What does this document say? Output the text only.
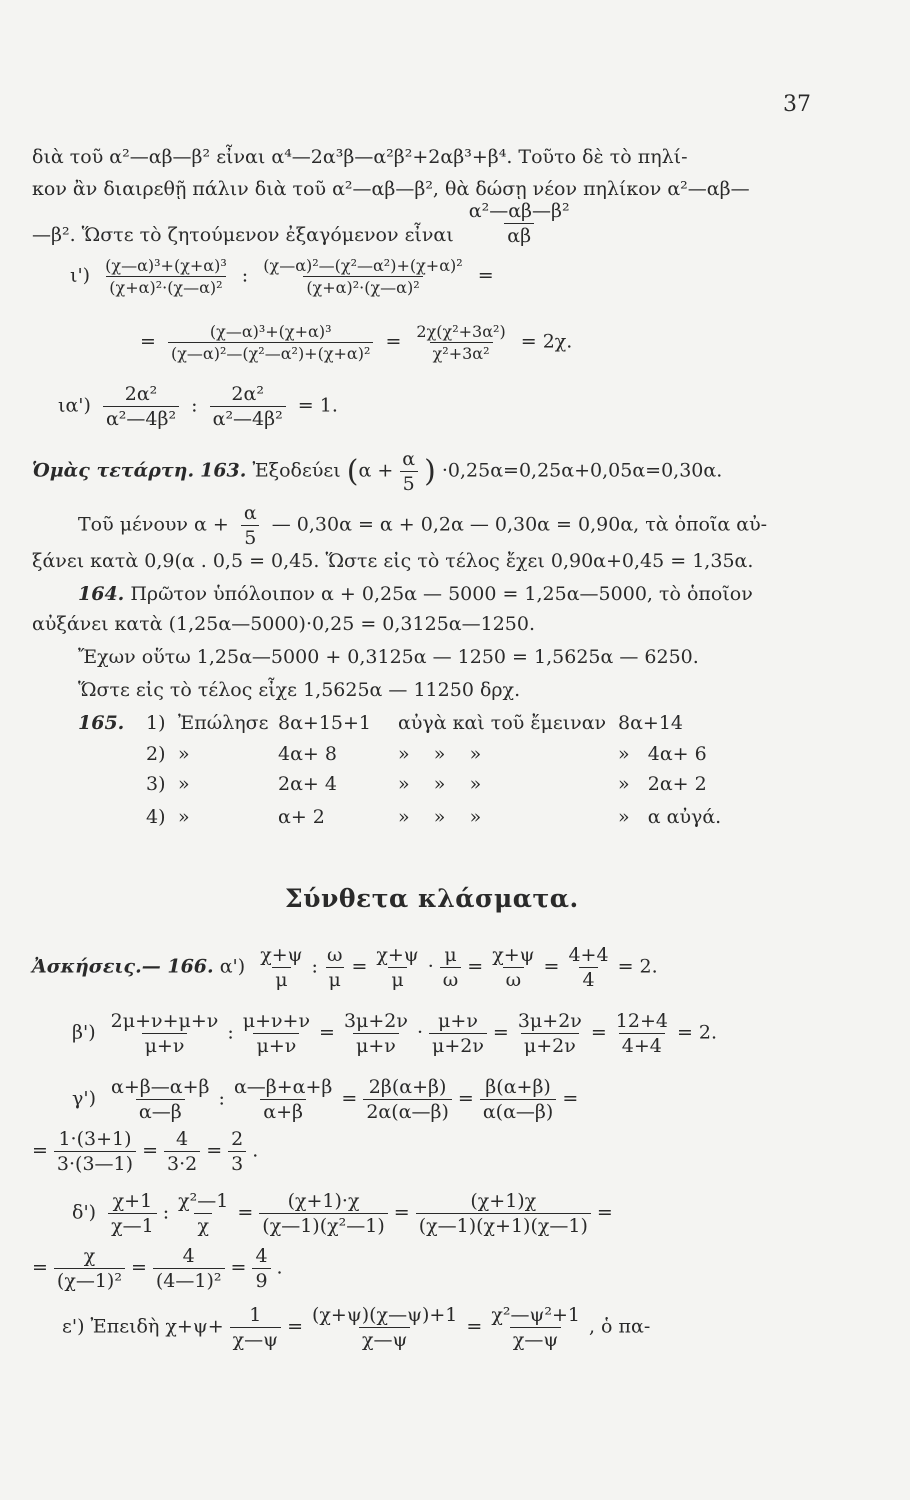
37
διὰ τοῦ α²—αβ—β² εἶναι α⁴—2α³β—α²β²+2αβ³+β⁴. Τοῦτο δὲ τὸ πηλί-
κον ἂν διαιρεθῇ πάλιν διὰ τοῦ α²—αβ—β², θὰ δώσῃ νέον πηλίκον α²—αβ—
—β². Ὥστε τὸ ζητούμενον ἐξαγόμενον εἶναι $\frac{\text{α²—αβ—β²}}{\alpha\beta}$
$\iota') \frac{\text{(χ—α)³+(χ+α)³}}{\text{(χ+α)²·(χ—α)²}}$ : $\frac{\text{(χ—α)²—(χ²—α²)+(χ+α)²}}{\text{(χ+α)²·(χ—α)²}}$ =
= $\frac{\text{(χ—α)³+(χ+α)³}}{\text{(χ—α)²—(χ²—α²)+(χ+α)²}} = \frac{\text{2χ(χ²+3α²)}}{\text{χ²+3α²}} = 2\chi$.
$\iota\alpha') \frac{\text{2α²}}{\text{α²—4β²}}$ : $\frac{\text{2α²}}{\text{α²—4β²}} = 1$.
Ὁμὰς τετάρτη. 163. Ἐξοδεύει ($\alpha + \frac{\alpha}{5}$ ) ·0,25α=0,25α+0,05α=0,30α.
Τοῦ μένουν $\alpha + \frac{\alpha}{5}$ — 0,30α = α + 0,2α — 0,30α = 0,90α, τὰ ὁποῖα αὐ-
ξάνει κατὰ 0,9(α . 0,5 = 0,45. Ὥστε εἰς τὸ τέλος ἔχει 0,90α+0,45 = 1,35α.
164. Πρῶτον ὑπόλοιπον α + 0,25α — 5000 = 1,25α—5000, τὸ ὁποῖον
αὐξάνει κατὰ (1,25α—5000)·0,25 = 0,3125α—1250.
Ἔχων οὕτω 1,25α—5000 + 0,3125α — 1250 = 1,5625α — 6250.
Ὥστε εἰς τὸ τέλος εἶχε 1,5625α — 11250 δρχ.
165. 1) Ἐπώλησε 8α+15+1 αὐγὰ καὶ τοῦ ἔμειναν 8α+14
2) »	4α+ 8	»    »    »	»   4α+ 6
3) »	2α+ 4	»    »    »	»   2α+ 2
4) »	α+ 2	»    »    »	»   α αὐγά.
Σύνθετα κλάσματα.
Ἀσκήσεις.— 166. $\alpha') \frac{\chi+\psi}{\mu}$ : $\frac{\omega}{\mu} = \frac{\chi+\psi}{\mu} \cdot \frac{\mu}{\omega} = \frac{\chi+\psi}{\omega} = \frac{4+4}{4} = 2$.
$\beta') \frac{2\mu+\nu+\mu+\nu}{\mu+\nu}$ : $\frac{\mu+\nu+\nu}{\mu+\nu} = \frac{3\mu+2\nu}{\mu+\nu} \cdot \frac{\mu+\nu}{\mu+2\nu} = \frac{3\mu+2\nu}{\mu+2\nu} = \frac{12+4}{4+4} = 2$.
$\gamma') \frac{\alpha+\beta—\alpha+\beta}{\alpha—\beta}$ : $\frac{\alpha—\beta+\alpha+\beta}{\alpha+\beta} = \frac{2\beta(\alpha+\beta)}{2\alpha(\alpha—\beta)} = \frac{\beta(\alpha+\beta)}{\alpha(\alpha—\beta)}$ =
= $\frac{1\cdot(3+1)}{3\cdot(3—1)} = \frac{4}{3\cdot 2} = \frac{2}{3}$ .
$\delta') \frac{\chi+1}{\chi—1}$ : $\frac{\text{χ²—1}}{\chi} = \frac{(\chi+1)\cdot\chi}{\text{(χ—1)(χ²—1)}} = \frac{(\chi+1)\chi}{(\chi—1)(\chi+1)(\chi—1)}$ =
= $\frac{\chi}{\text{(χ—1)²}} = \frac{4}{\text{(4—1)²}} = \frac{4}{9}$ .
ε') Ἐπειδὴ $\chi+\psi+ \frac{1}{\chi—\psi} = \frac{(\chi+\psi)(\chi—\psi)+1}{\chi—\psi} = \frac{\text{χ²—ψ²+1}}{\chi—\psi}$ , ὁ πα-
